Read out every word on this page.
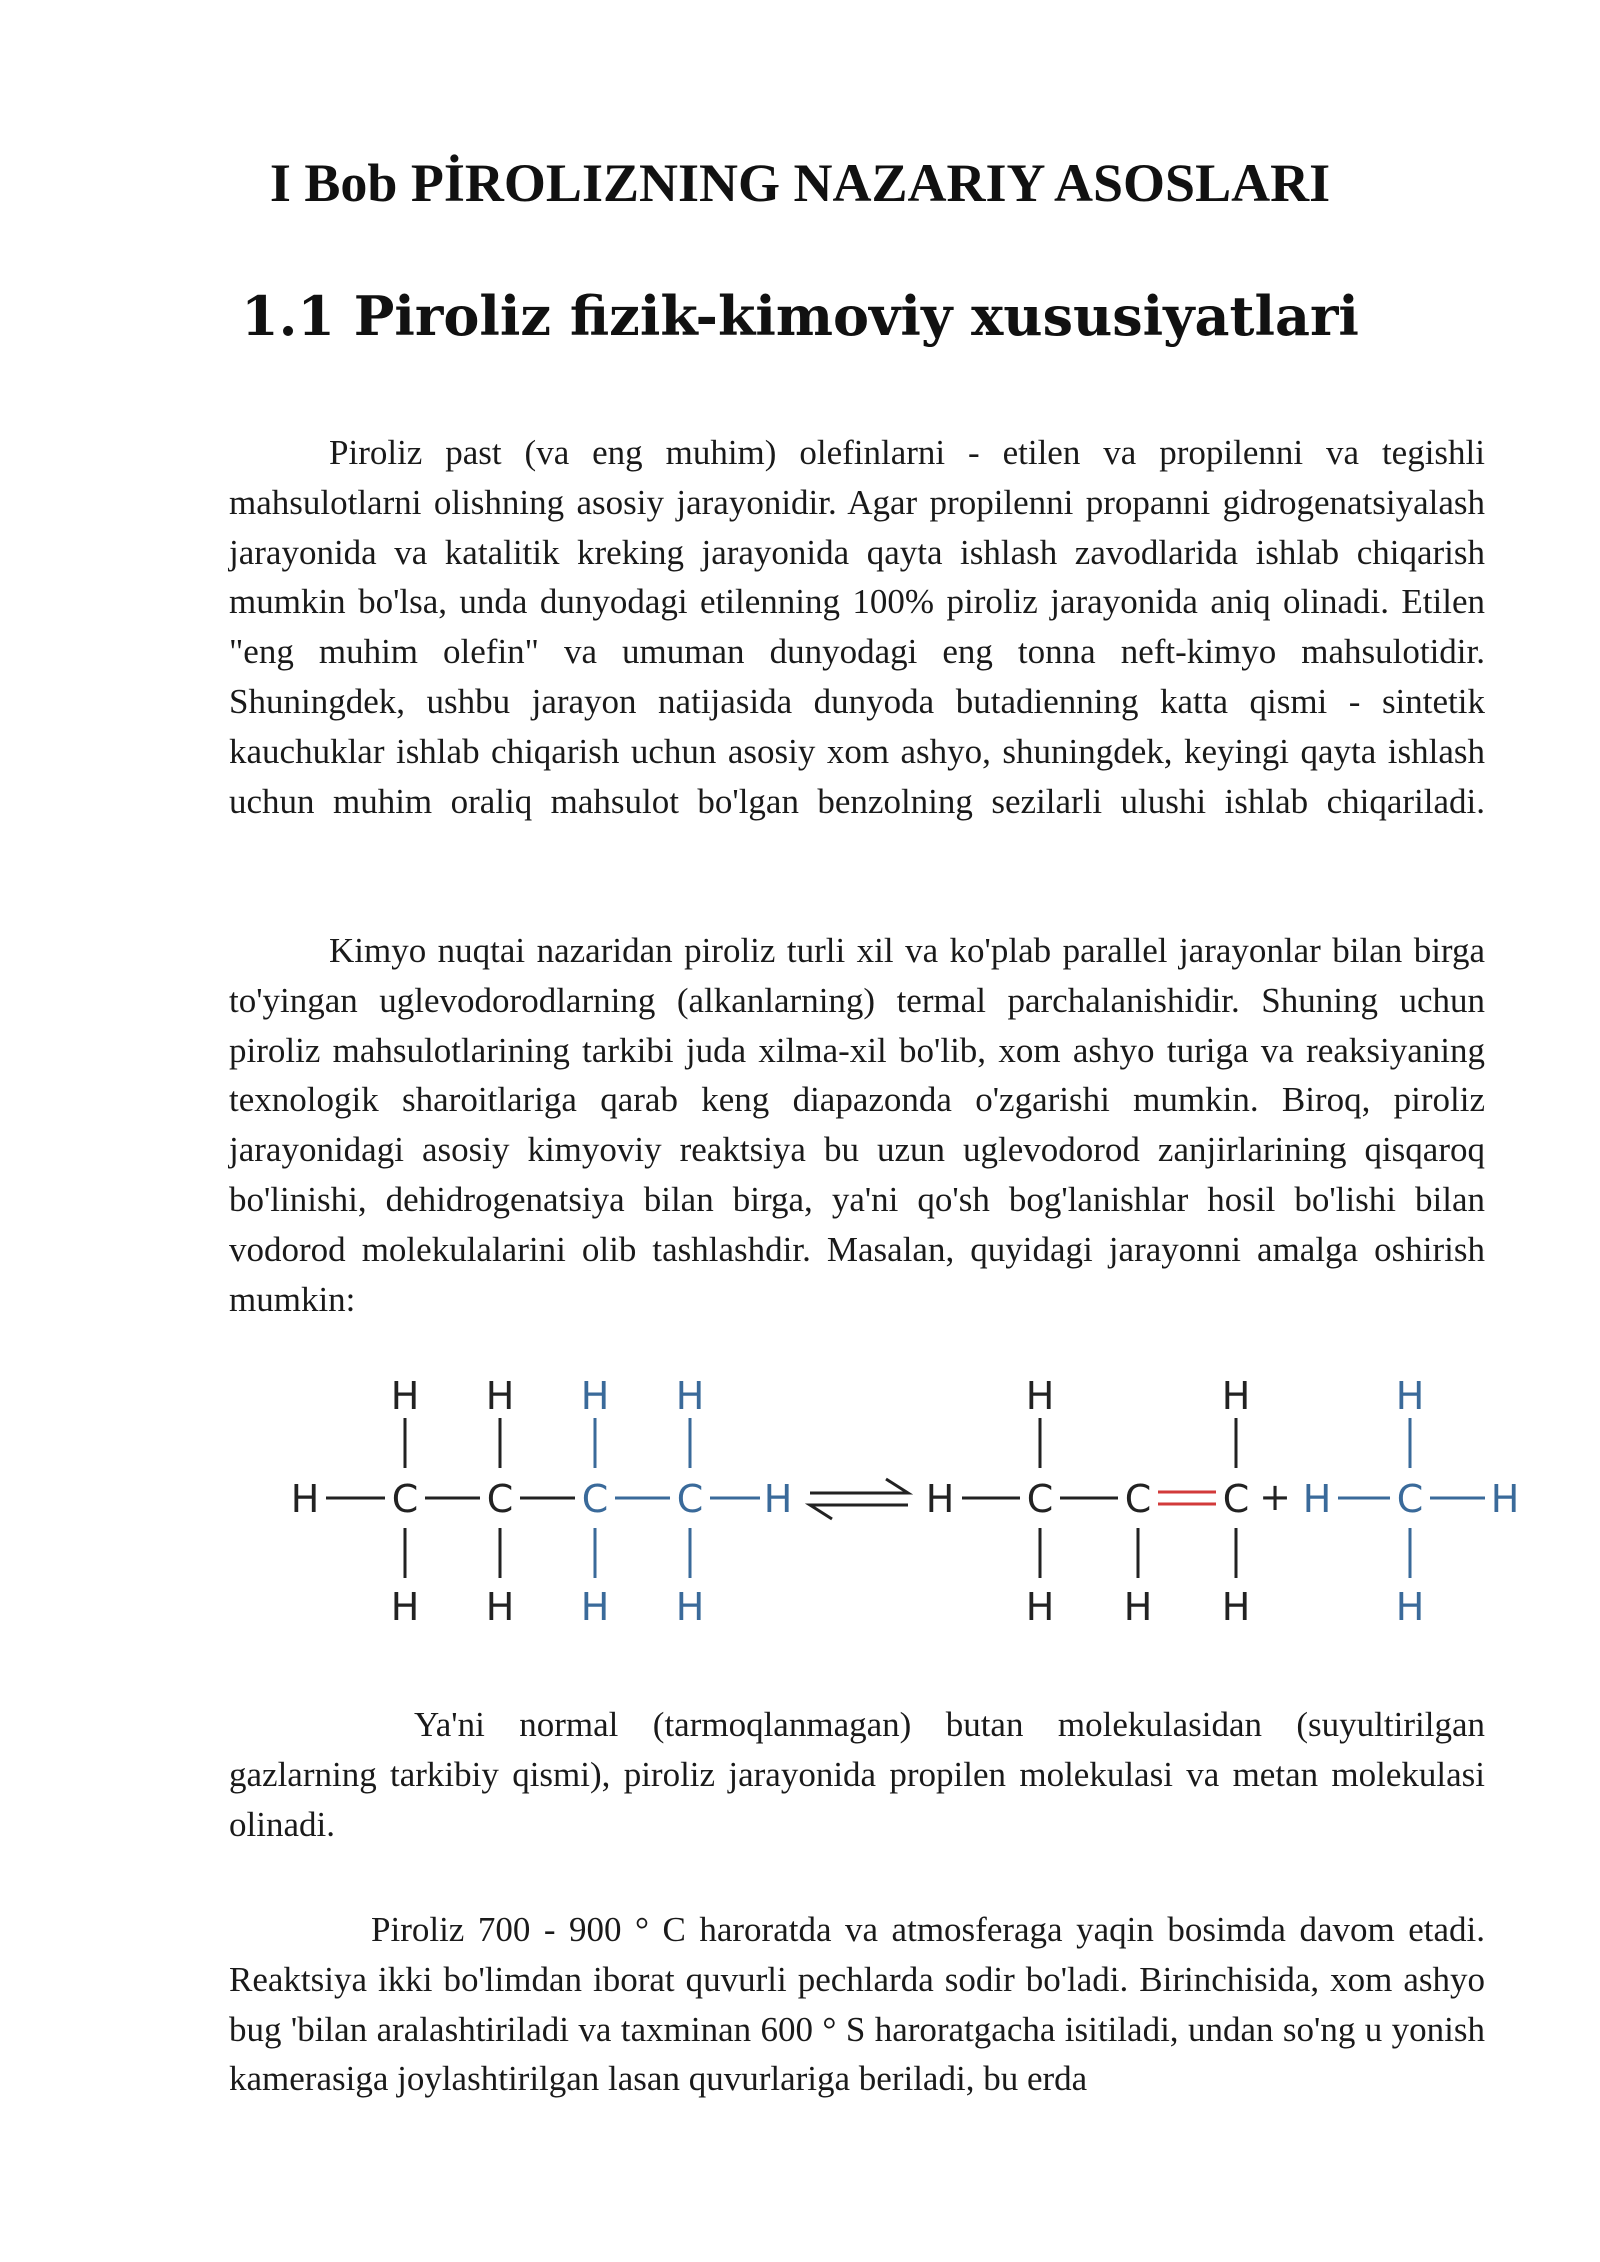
I Bob PİROLIZNING NAZARIY ASOSLARI
1.1 Piroliz fizik-kimoviy xususiyatlari

Piroliz past (va eng muhim) olefinlarni - etilen va propilenni va tegishli mahsulotlarni olishning asosiy jarayonidir. Agar propilenni propanni gidrogenatsiyalash jarayonida va katalitik kreking jarayonida qayta ishlash zavodlarida ishlab chiqarish mumkin bo'lsa, unda dunyodagi etilenning 100% piroliz jarayonida aniq olinadi. Etilen "eng muhim olefin" va umuman dunyodagi eng tonna neft-kimyo mahsulotidir. Shuningdek, ushbu jarayon natijasida dunyoda butadienning katta qismi - sintetik kauchuklar ishlab chiqarish uchun asosiy xom ashyo, shuningdek, keyingi qayta ishlash uchun muhim oraliq mahsulot bo'lgan benzolning sezilarli ulushi ishlab chiqariladi.

Kimyo nuqtai nazaridan piroliz turli xil va ko'plab parallel jarayonlar bilan birga to'yingan uglevodorodlarning (alkanlarning) termal parchalanishidir. Shuning uchun piroliz mahsulotlarining tarkibi juda xilma-xil bo'lib, xom ashyo turiga va reaksiyaning texnologik sharoitlariga qarab keng diapazonda o'zgarishi mumkin. Biroq, piroliz jarayonidagi asosiy kimyoviy reaktsiya bu uzun uglevodorod zanjirlarining qisqaroq bo'linishi, dehidrogenatsiya bilan birga, ya'ni qo'sh bog'lanishlar hosil bo'lishi bilan vodorod molekulalarini olib tashlashdir. Masalan, quyidagi jarayonni amalga oshirish mumkin:

H C
H
H
C
H
H
C
H
H
C
H
H
H	H C
H
H
C
H
C
H
H
+ H C
H
H
H

Ya'ni normal (tarmoqlanmagan) butan molekulasidan (suyultirilgan gazlarning tarkibiy qismi), piroliz jarayonida propilen molekulasi va metan molekulasi olinadi.

Piroliz 700 - 900 ° C haroratda va atmosferaga yaqin bosimda davom etadi. Reaktsiya ikki bo'limdan iborat quvurli pechlarda sodir bo'ladi. Birinchisida, xom ashyo bug 'bilan aralashtiriladi va taxminan 600 ° S haroratgacha isitiladi, undan so'ng u yonish kamerasiga joylashtirilgan lasan quvurlariga beriladi, bu erda
